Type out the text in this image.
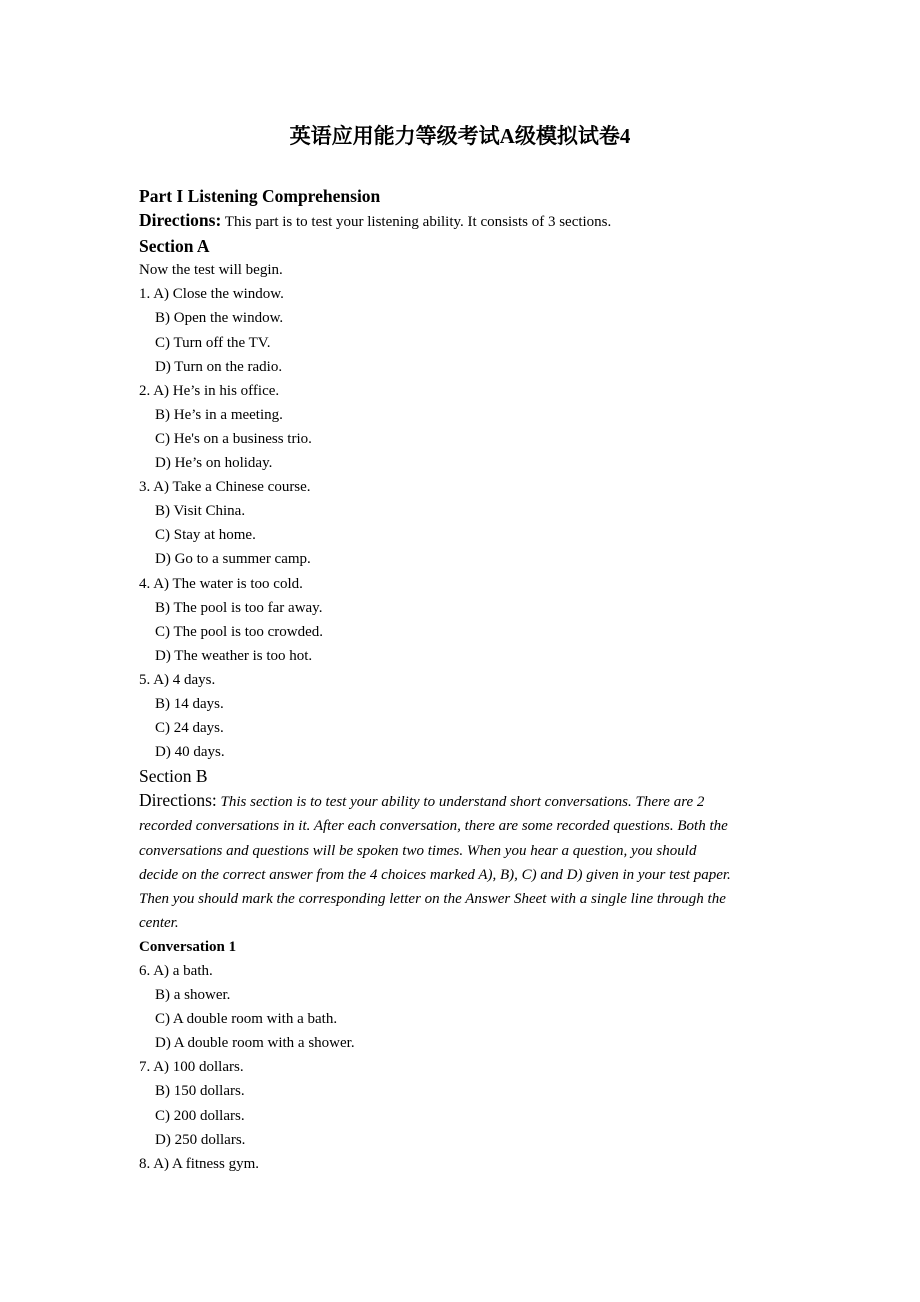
英语应用能力等级考试A级模拟试卷4
Part I Listening Comprehension
Directions: This part is to test your listening ability. It consists of 3 sections.
Section A
Now the test will begin.
1. A) Close the window.
B) Open the window.
C) Turn off the TV.
D) Turn on the radio.
2. A) He’s in his office.
B) He’s in a meeting.
C) He's on a business trio.
D) He’s on holiday.
3. A) Take a Chinese course.
B) Visit China.
C) Stay at home.
D) Go to a summer camp.
4. A) The water is too cold.
B) The pool is too far away.
C) The pool is too crowded.
D) The weather is too hot.
5. A) 4 days.
B) 14 days.
C) 24 days.
D) 40 days.
Section B
Directions: This section is to test your ability to understand short conversations. There are 2
recorded conversations in it. After each conversation, there are some recorded questions. Both the
conversations and questions will be spoken two times. When you hear a question, you should
decide on the correct answer from the 4 choices marked A), B), C) and D) given in your test paper.
Then you should mark the corresponding letter on the Answer Sheet with a single line through the
center.
Conversation 1
6. A) a bath.
B) a shower.
C) A double room with a bath.
D) A double room with a shower.
7. A) 100 dollars.
B) 150 dollars.
C) 200 dollars.
D) 250 dollars.
8. A) A fitness gym.
